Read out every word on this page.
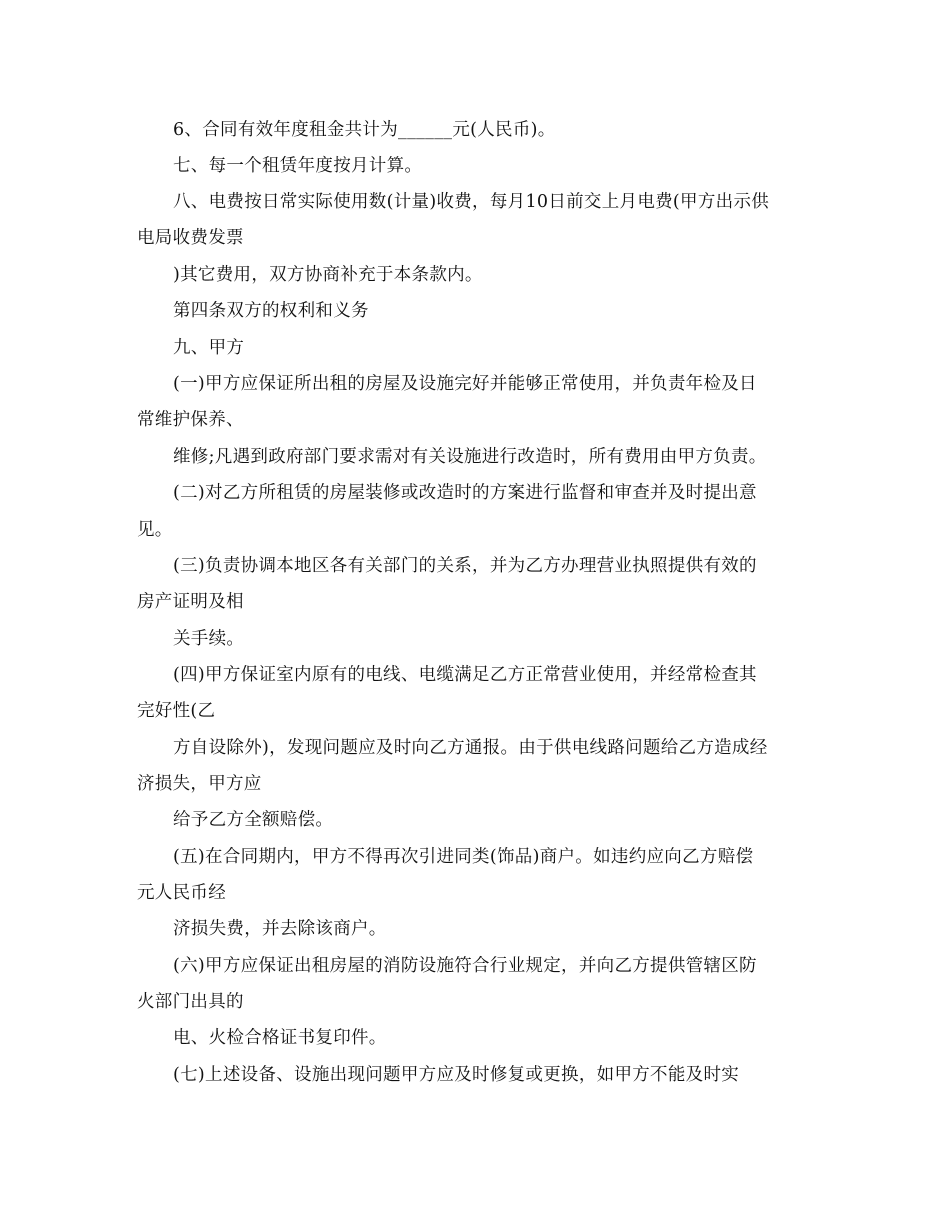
6、合同有效年度租金共计为______元(人民币)。

七、每一个租赁年度按月计算。

八、电费按日常实际使用数(计量)收费，每月10日前交上月电费(甲方出示供

电局收费发票

)其它费用，双方协商补充于本条款内。

第四条双方的权利和义务

九、甲方

(一)甲方应保证所出租的房屋及设施完好并能够正常使用，并负责年检及日

常维护保养、

维修;凡遇到政府部门要求需对有关设施进行改造时，所有费用由甲方负责。

(二)对乙方所租赁的房屋装修或改造时的方案进行监督和审查并及时提出意

见。

(三)负责协调本地区各有关部门的关系，并为乙方办理营业执照提供有效的

房产证明及相

关手续。

(四)甲方保证室内原有的电线、电缆满足乙方正常营业使用，并经常检查其

完好性(乙

方自设除外)，发现问题应及时向乙方通报。由于供电线路问题给乙方造成经

济损失，甲方应

给予乙方全额赔偿。

(五)在合同期内，甲方不得再次引进同类(饰品)商户。如违约应向乙方赔偿

元人民币经

济损失费，并去除该商户。

(六)甲方应保证出租房屋的消防设施符合行业规定，并向乙方提供管辖区防

火部门出具的

电、火检合格证书复印件。

(七)上述设备、设施出现问题甲方应及时修复或更换，如甲方不能及时实
